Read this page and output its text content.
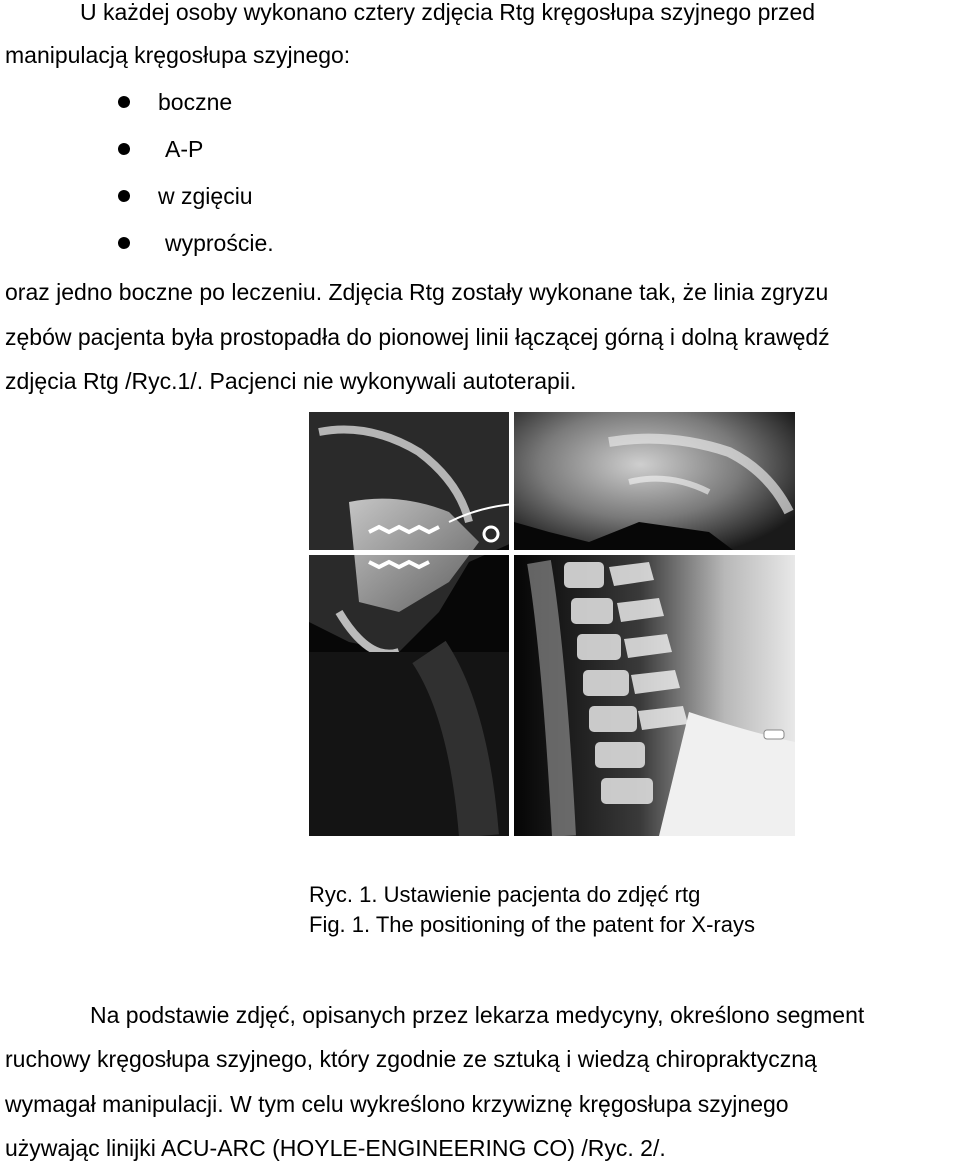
U każdej osoby wykonano cztery zdjęcia Rtg kręgosłupa szyjnego przed
manipulacją kręgosłupa szyjnego:
boczne
A-P
w zgięciu
wyproście.
oraz jedno boczne po leczeniu. Zdjęcia Rtg zostały wykonane tak, że linia zgryzu
zębów pacjenta była prostopadła do pionowej linii łączącej górną i dolną krawędź
zdjęcia Rtg /Ryc.1/. Pacjenci nie wykonywali autoterapii.
Ryc. 1. Ustawienie pacjenta do zdjęć rtg
Fig. 1. The positioning of the patent for X-rays
Na podstawie zdjęć, opisanych przez lekarza medycyny, określono segment
ruchowy kręgosłupa szyjnego, który zgodnie ze sztuką i wiedzą chiropraktyczną
wymagał manipulacji. W tym celu wykreślono krzywiznę kręgosłupa szyjnego
używając linijki ACU-ARC (HOYLE-ENGINEERING CO) /Ryc. 2/.
